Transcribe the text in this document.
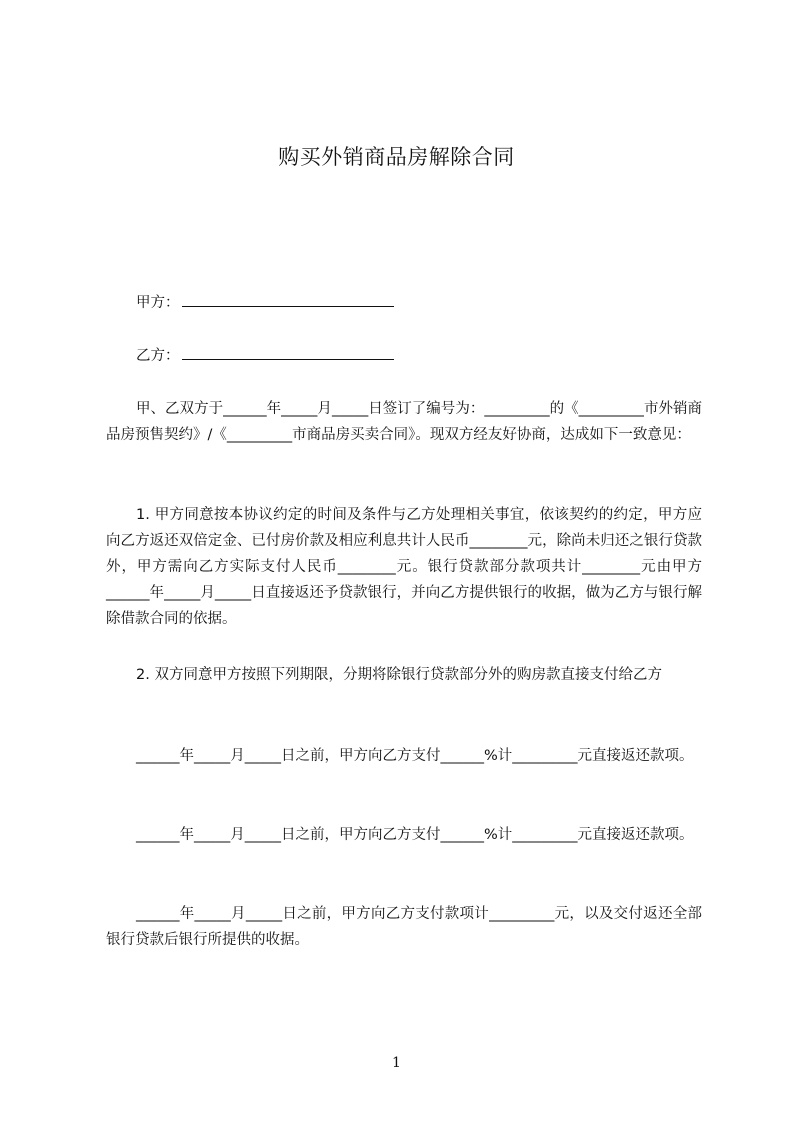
购买外销商品房解除合同
甲方：
乙方：

甲、乙双方于______年_____月_____日签订了编号为：_________的《_________市外销商品房预售契约》/《_________市商品房买卖合同》。现双方经友好协商，达成如下一致意见：

1. 甲方同意按本协议约定的时间及条件与乙方处理相关事宜，依该契约的约定，甲方应向乙方返还双倍定金、已付房价款及相应利息共计人民币________元，除尚未归还之银行贷款外，甲方需向乙方实际支付人民币________元。银行贷款部分款项共计________元由甲方______年_____月_____日直接返还予贷款银行，并向乙方提供银行的收据，做为乙方与银行解除借款合同的依据。

2. 双方同意甲方按照下列期限，分期将除银行贷款部分外的购房款直接支付给乙方

______年_____月_____日之前，甲方向乙方支付______%计_________元直接返还款项。

______年_____月_____日之前，甲方向乙方支付______%计_________元直接返还款项。

______年_____月_____日之前，甲方向乙方支付款项计_________元，以及交付返还全部银行贷款后银行所提供的收据。

1
